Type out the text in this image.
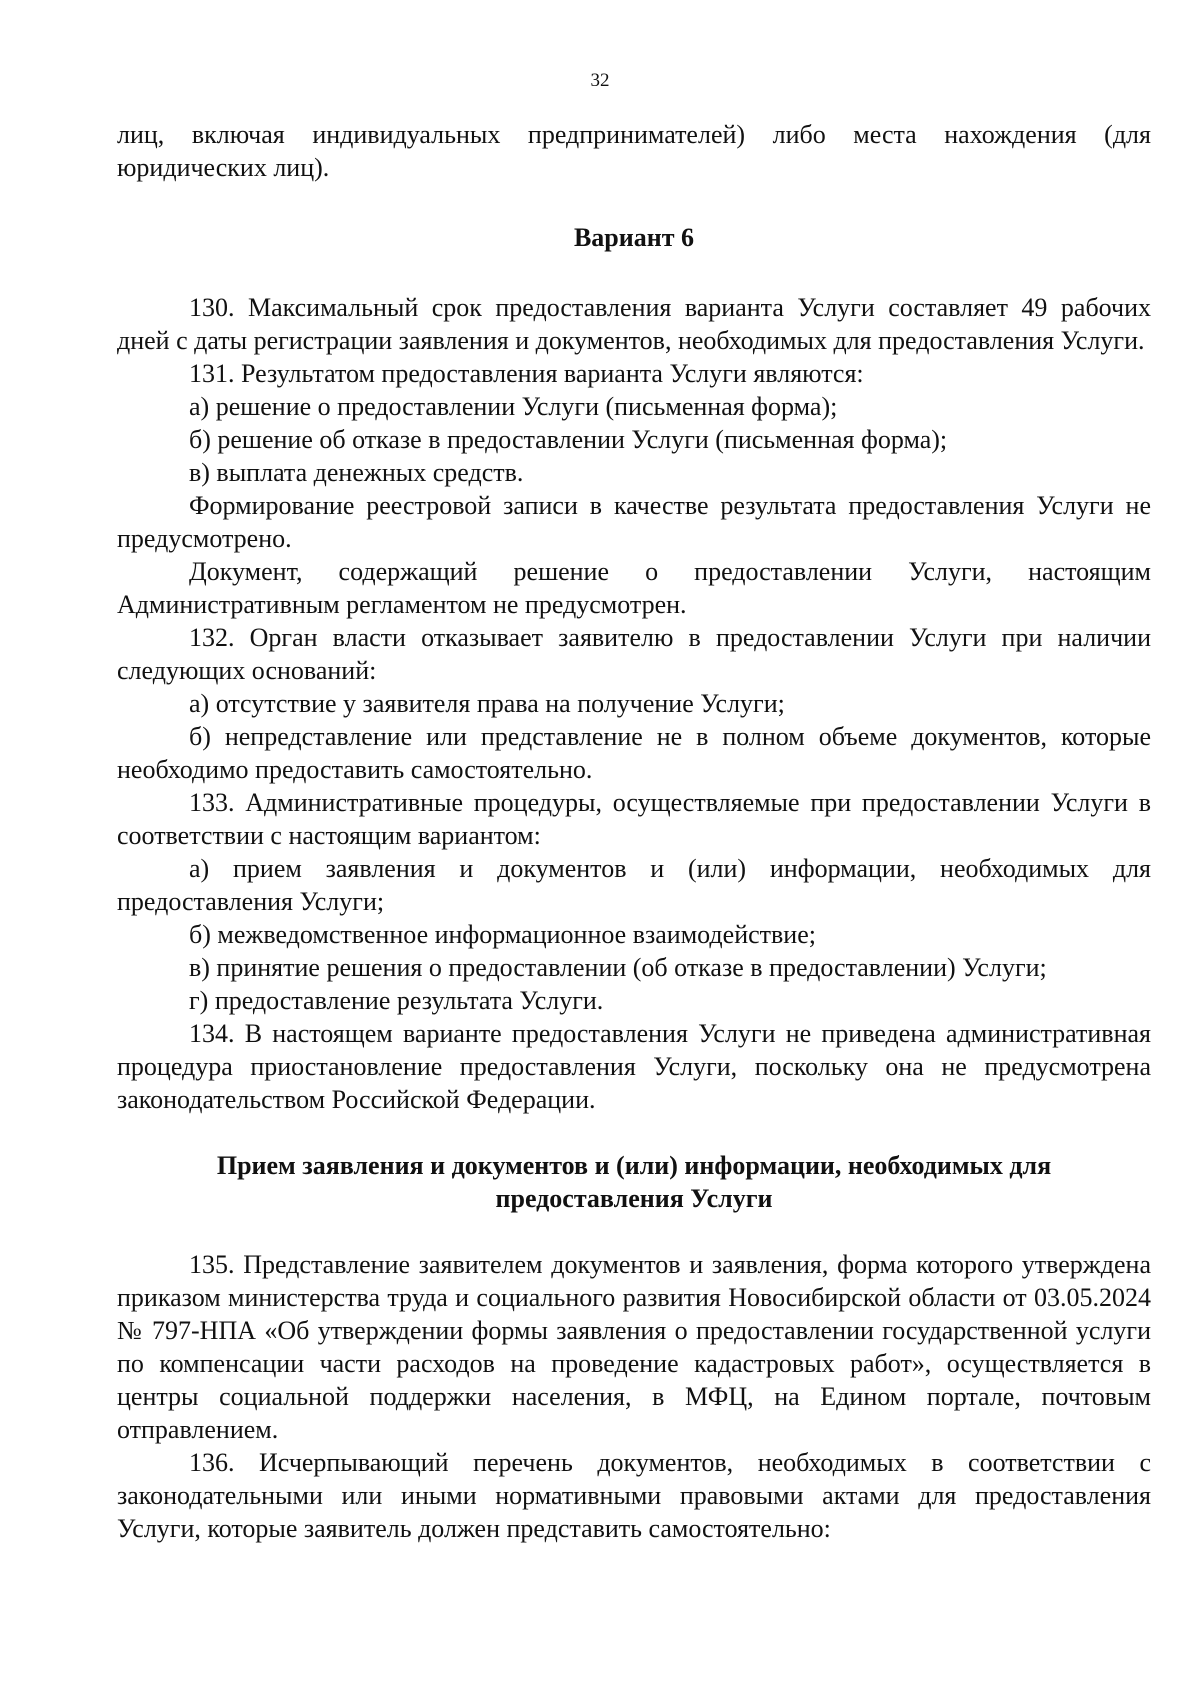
32

лиц, включая индивидуальных предпринимателей) либо места нахождения (для юридических лиц).

Вариант 6

130. Максимальный срок предоставления варианта Услуги составляет 49 рабочих дней с даты регистрации заявления и документов, необходимых для предоставления Услуги.

131. Результатом предоставления варианта Услуги являются:

а) решение о предоставлении Услуги (письменная форма);

б) решение об отказе в предоставлении Услуги (письменная форма);

в) выплата денежных средств.

Формирование реестровой записи в качестве результата предоставления Услуги не предусмотрено.

Документ, содержащий решение о предоставлении Услуги, настоящим Административным регламентом не предусмотрен.

132. Орган власти отказывает заявителю в предоставлении Услуги при наличии следующих оснований:

а) отсутствие у заявителя права на получение Услуги;

б) непредставление или представление не в полном объеме документов, которые необходимо предоставить самостоятельно.

133. Административные процедуры, осуществляемые при предоставлении Услуги в соответствии с настоящим вариантом:

а) прием заявления и документов и (или) информации, необходимых для предоставления Услуги;

б) межведомственное информационное взаимодействие;

в) принятие решения о предоставлении (об отказе в предоставлении) Услуги;

г) предоставление результата Услуги.

134. В настоящем варианте предоставления Услуги не приведена административная процедура приостановление предоставления Услуги, поскольку она не предусмотрена законодательством Российской Федерации.

Прием заявления и документов и (или) информации, необходимых для
предоставления Услуги

135. Представление заявителем документов и заявления, форма которого утверждена приказом министерства труда и социального развития Новосибирской области от 03.05.2024 № 797-НПА «Об утверждении формы заявления о предоставлении государственной услуги по компенсации части расходов на проведение кадастровых работ», осуществляется в центры социальной поддержки населения, в МФЦ, на Едином портале, почтовым отправлением.

136. Исчерпывающий перечень документов, необходимых в соответствии с законодательными или иными нормативными правовыми актами для предоставления Услуги, которые заявитель должен представить самостоятельно:
